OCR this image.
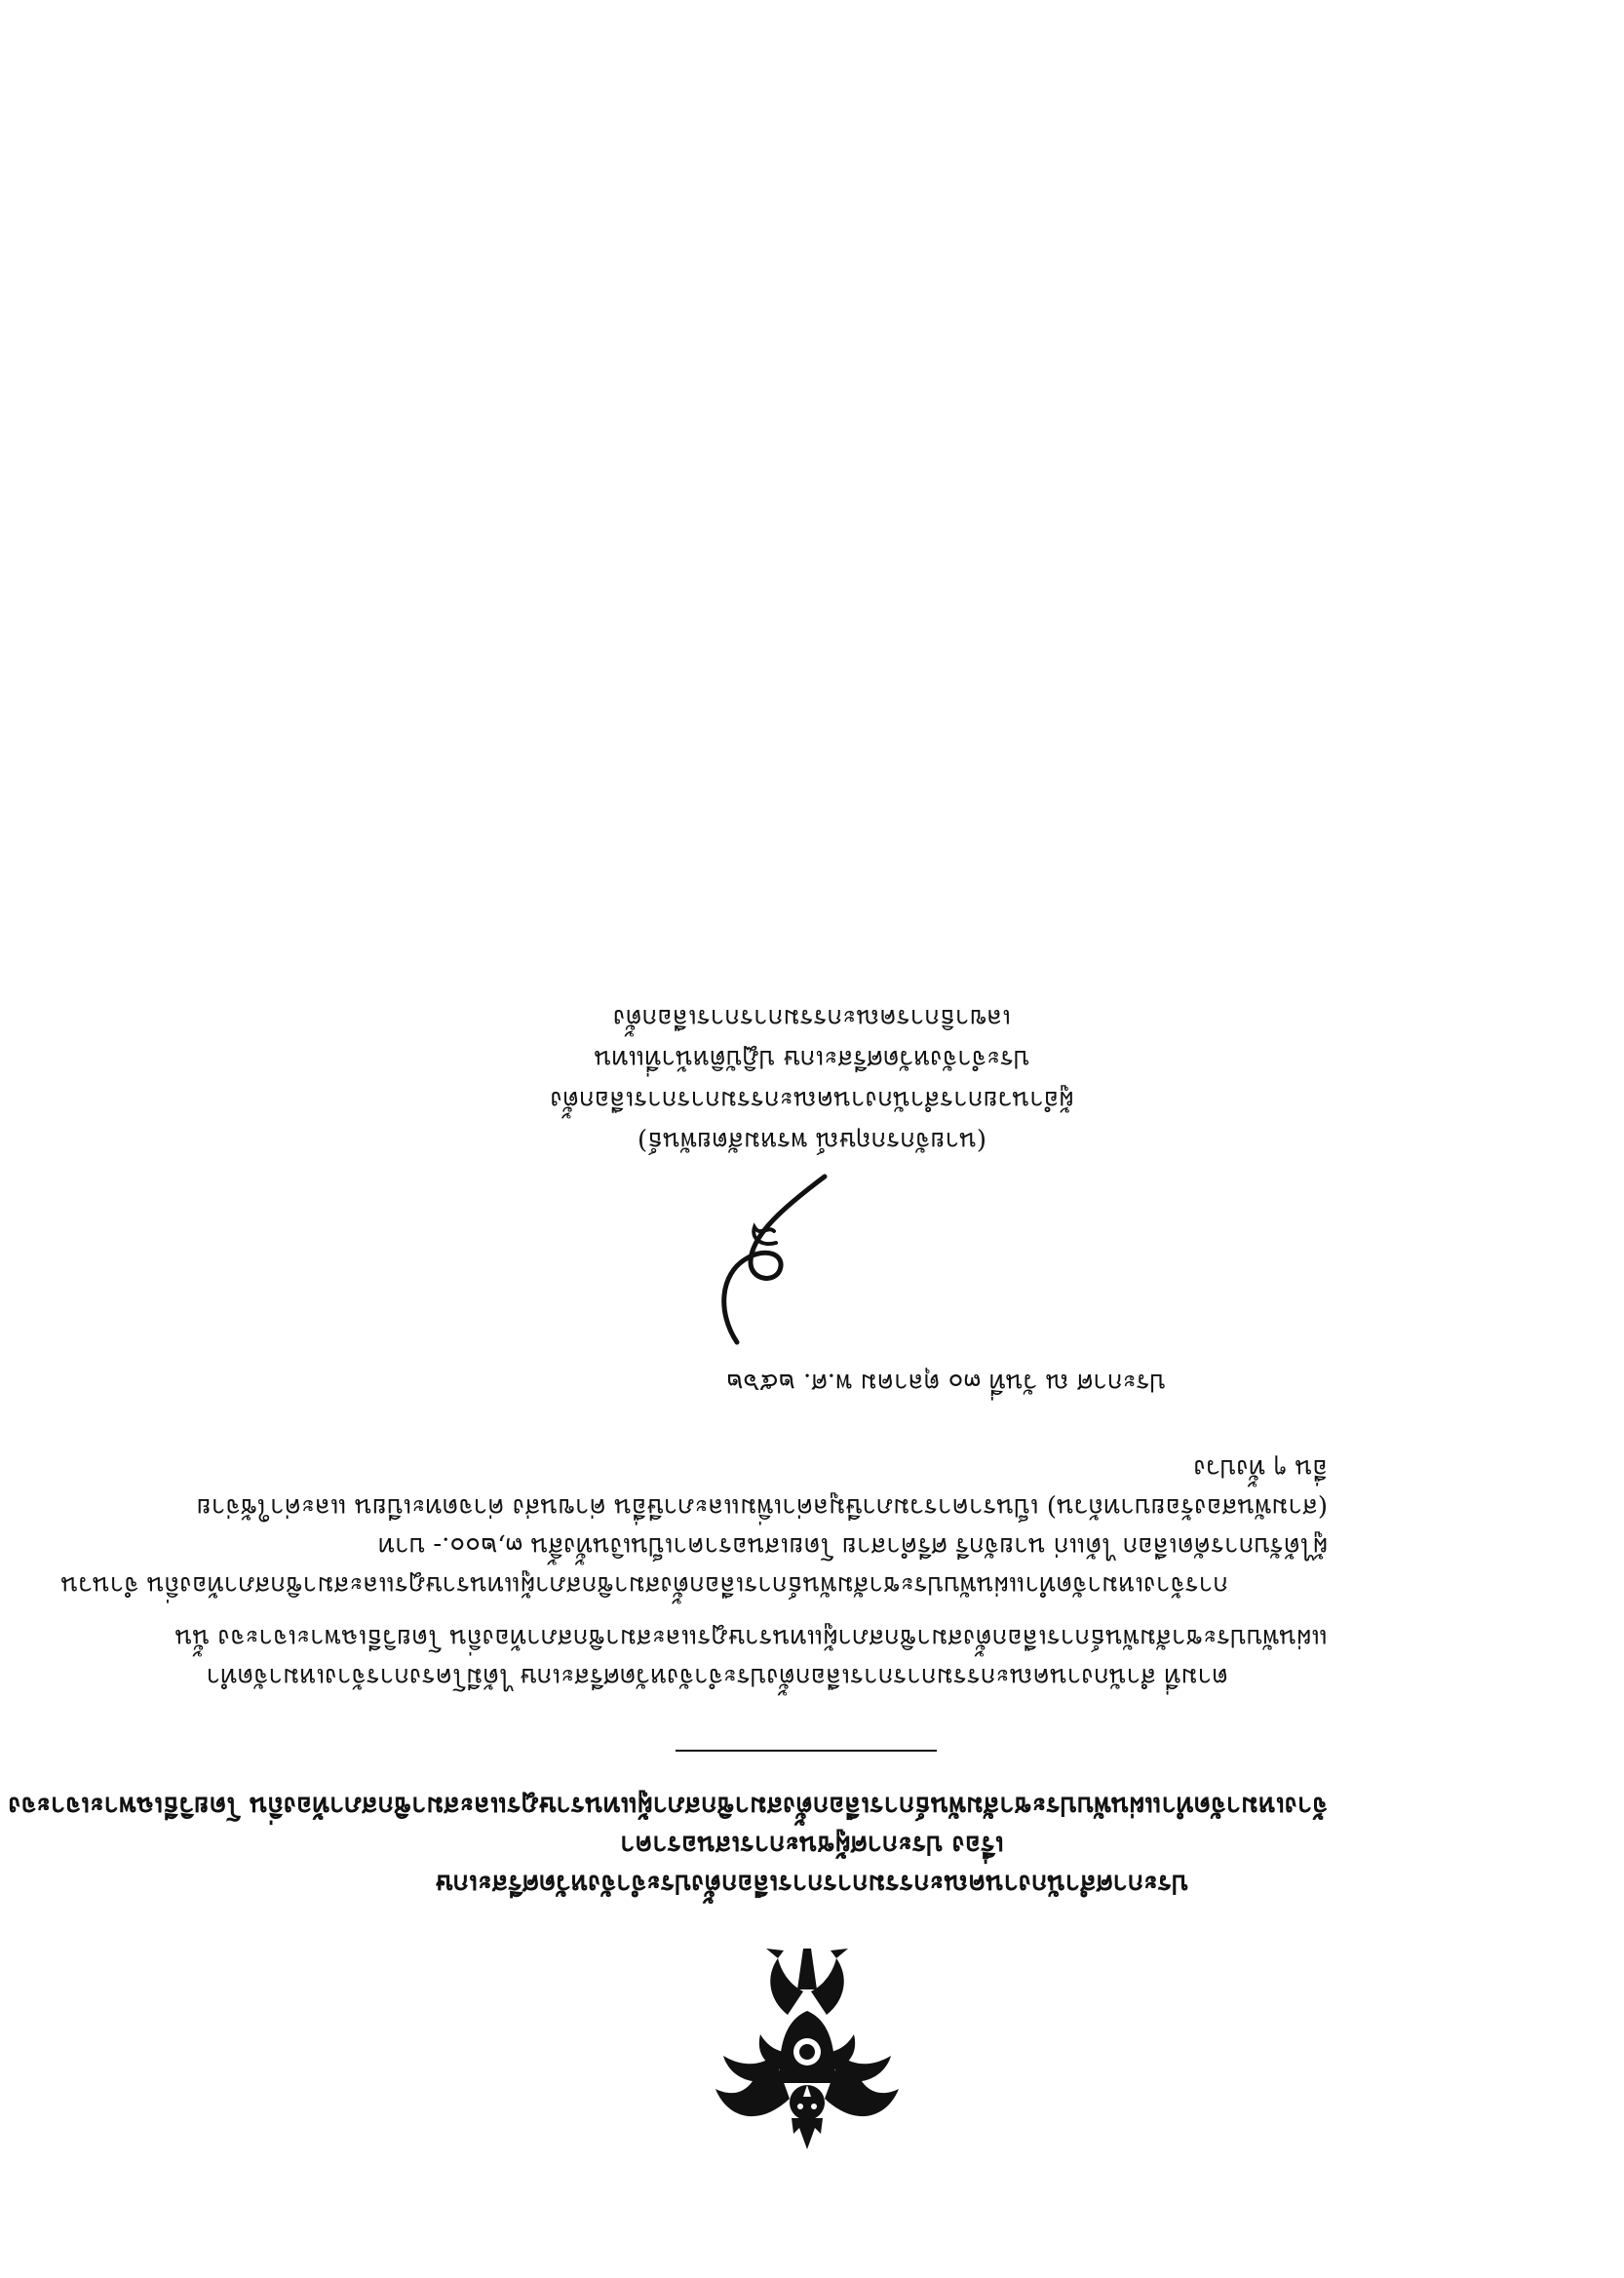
ประกาศสำนักงานคณะกรรมการการเลือกตั้งประจำจังหวัดศรีสะเกษ
เรื่อง ประกาศผู้ชนะการเสนอราคา
จ้างเหมาจัดทำแผ่นพับประชาสัมพันธ์การเลือกตั้งสมาชิกสภาผู้แทนราษฎรและสมาชิกสภาท้องถิ่น โดยวิธีเฉพาะเจาะจง
ตามที่ สำนักงานคณะกรรมการการเลือกตั้งประจำจังหวัดศรีสะเกษ ได้มีโครงการจ้างเหมาจัดทำ
แผ่นพับประชาสัมพันธ์การเลือกตั้งสมาชิกสภาผู้แทนราษฎรและสมาชิกสภาท้องถิ่น โดยวิธีเฉพาะเจาะจง นั้น
การจ้างเหมาจัดทำแผ่นพับประชาสัมพันธ์การเลือกตั้งสมาชิกสภาผู้แทนราษฎรและสมาชิกสภาท้องถิ่น จำนวน
ผู้ได้รับการคัดเลือก ได้แก่ นายจักรี ศรีคำสาย โดยเสนอราคาเป็นเงินทั้งสิ้น ๓,๒๐๐.- บาท
(สามพันสองร้อยบาทถ้วน) เป็นราคารวมภาษีมูลค่าเพิ่มและภาษีอื่น ค่าขนส่ง ค่าจดทะเบียน และค่าใช้จ่าย
อื่น ๆ ทั้งปวง
ประกาศ ณ วันที่ ๓๐ ตุลาคม พ.ศ. ๒๕๖๒
(นายจักรกฤษณ์ พรหมสัตยพันธ์)
ผู้อำนวยการสำนักงานคณะกรรมการการเลือกตั้ง
ประจำจังหวัดศรีสะเกษ ปฏิบัติหน้าที่แทน
เลขาธิการคณะกรรมการการเลือกตั้ง
